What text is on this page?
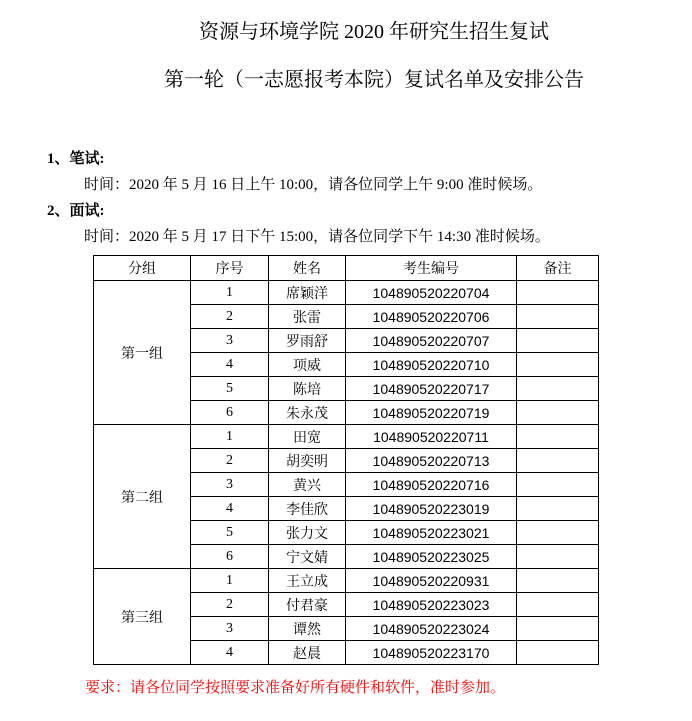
资源与环境学院 2020 年研究生招生复试
第一轮（一志愿报考本院）复试名单及安排公告
1、笔试:
时间：2020 年 5 月 16 日上午 10:00，请各位同学上午 9:00 准时候场。
2、面试:
时间：2020 年 5 月 17 日下午 15:00，请各位同学下午 14:30 准时候场。
分组	序号	姓名	考生编号	备注
第一组	1	席颖洋	104890520220704	
	2	张雷	104890520220706	
	3	罗雨舒	104890520220707	
	4	项威	104890520220710	
	5	陈培	104890520220717	
	6	朱永茂	104890520220719	
第二组	1	田宽	104890520220711	
	2	胡奕明	104890520220713	
	3	黄兴	104890520220716	
	4	李佳欣	104890520223019	
	5	张力文	104890520223021	
	6	宁文婧	104890520223025	
第三组	1	王立成	104890520220931	
	2	付君豪	104890520223023	
	3	谭然	104890520223024	
	4	赵晨	104890520223170	
要求：请各位同学按照要求准备好所有硬件和软件，准时参加。
